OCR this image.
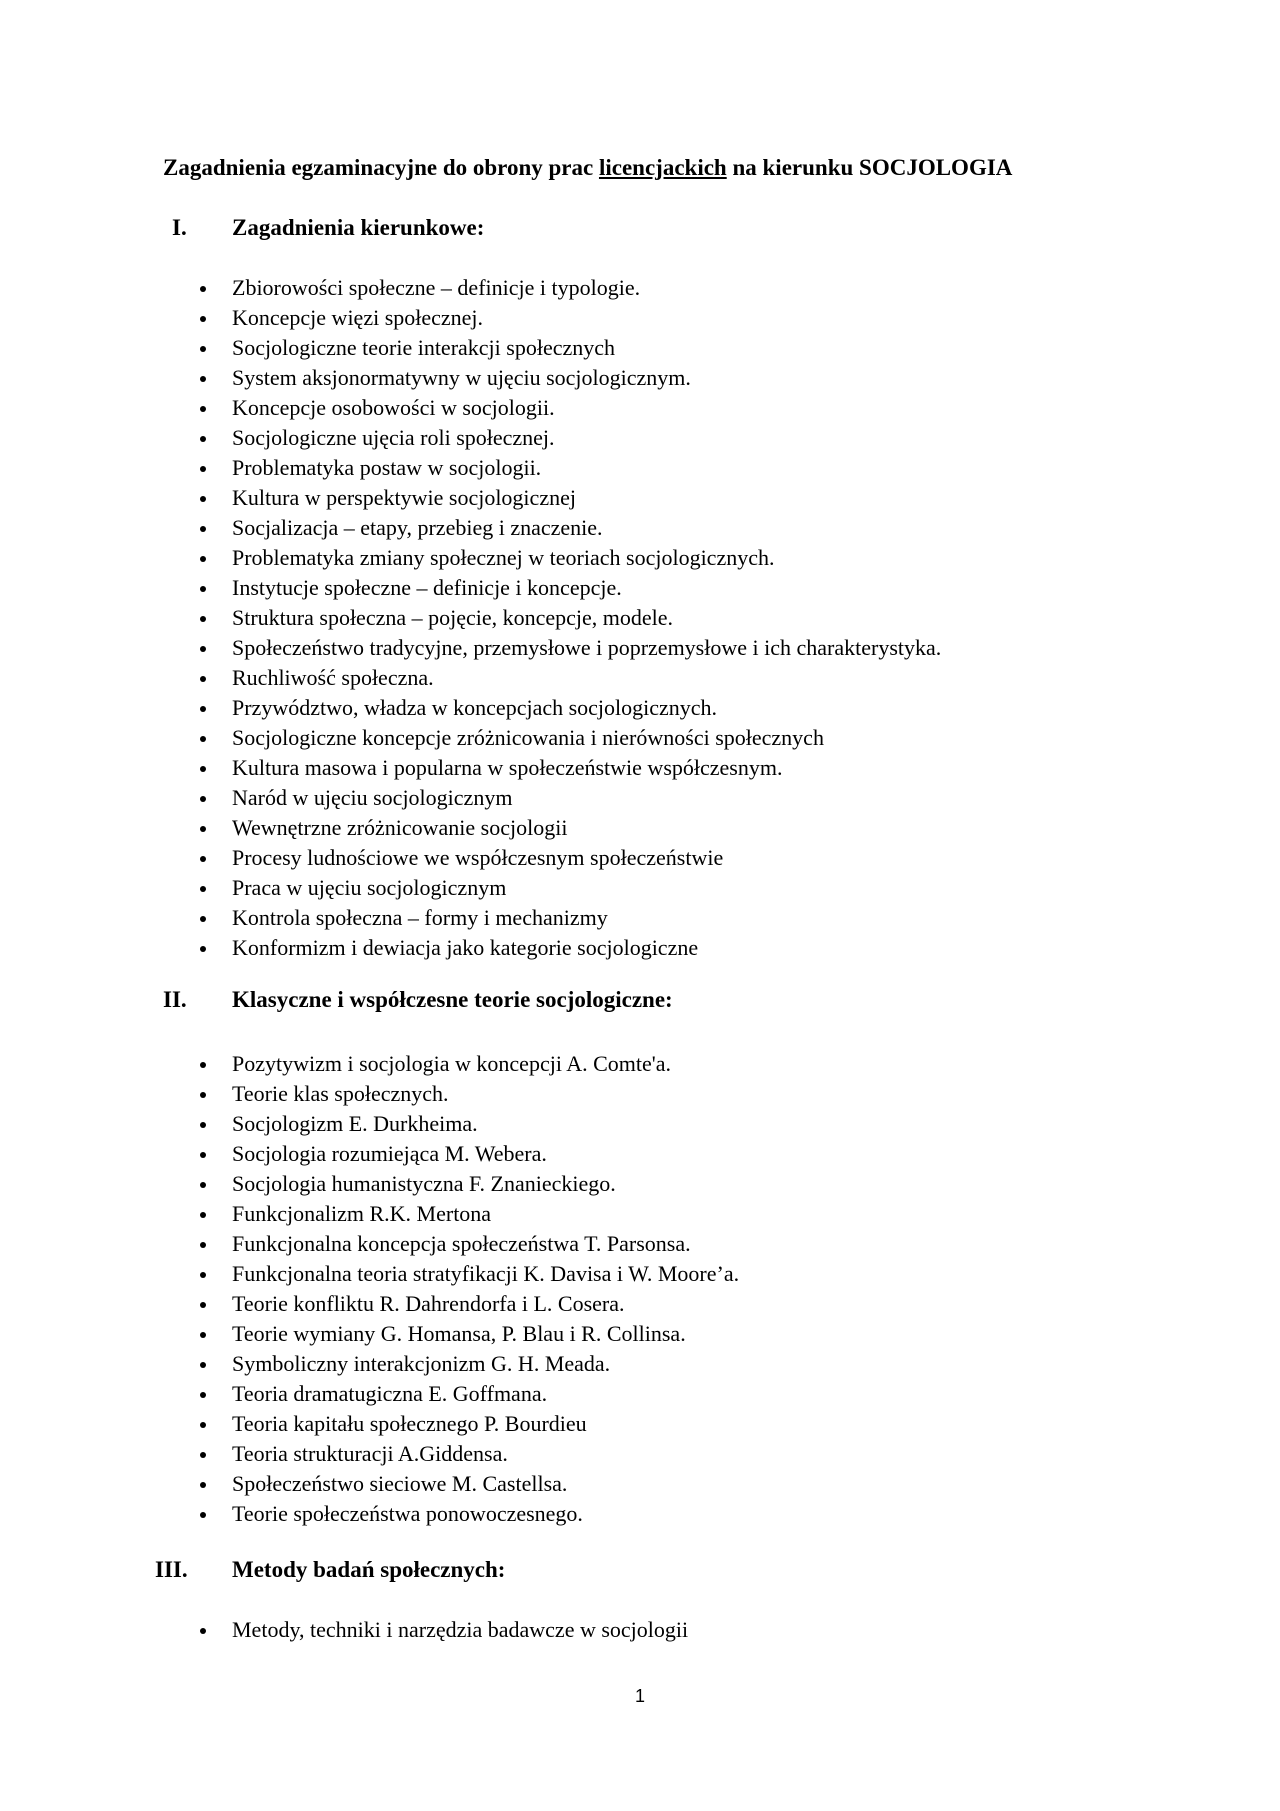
Zagadnienia egzaminacyjne do obrony prac licencjackich na kierunku SOCJOLOGIA
I. Zagadnienia kierunkowe:
Zbiorowości społeczne – definicje i typologie.
Koncepcje więzi społecznej.
Socjologiczne teorie interakcji społecznych
System aksjonormatywny w ujęciu socjologicznym.
Koncepcje osobowości w socjologii.
Socjologiczne ujęcia roli społecznej.
Problematyka postaw w socjologii.
Kultura w perspektywie socjologicznej
Socjalizacja – etapy, przebieg i znaczenie.
Problematyka zmiany społecznej w teoriach socjologicznych.
Instytucje społeczne – definicje i koncepcje.
Struktura społeczna – pojęcie, koncepcje, modele.
Społeczeństwo tradycyjne, przemysłowe i poprzemysłowe i ich charakterystyka.
Ruchliwość społeczna.
Przywództwo, władza w koncepcjach socjologicznych.
Socjologiczne koncepcje zróżnicowania i nierówności społecznych
Kultura masowa i popularna w społeczeństwie współczesnym.
Naród w ujęciu socjologicznym
Wewnętrzne zróżnicowanie socjologii
Procesy ludnościowe we współczesnym społeczeństwie
Praca w ujęciu socjologicznym
Kontrola społeczna – formy i mechanizmy
Konformizm i dewiacja jako kategorie socjologiczne
II. Klasyczne i współczesne teorie socjologiczne:
Pozytywizm i socjologia w koncepcji A. Comte'a.
Teorie klas społecznych.
Socjologizm E. Durkheima.
Socjologia rozumiejąca M. Webera.
Socjologia humanistyczna F. Znanieckiego.
Funkcjonalizm R.K. Mertona
Funkcjonalna koncepcja społeczeństwa T. Parsonsa.
Funkcjonalna teoria stratyfikacji K. Davisa i W. Moore’a.
Teorie konfliktu R. Dahrendorfa i L. Cosera.
Teorie wymiany G. Homansa, P. Blau i R. Collinsa.
Symboliczny interakcjonizm G. H. Meada.
Teoria dramatugiczna E. Goffmana.
Teoria kapitału społecznego P. Bourdieu
Teoria strukturacji A.Giddensa.
Społeczeństwo sieciowe M. Castellsa.
Teorie społeczeństwa ponowoczesnego.
III. Metody badań społecznych:
Metody, techniki i narzędzia badawcze w socjologii
1
